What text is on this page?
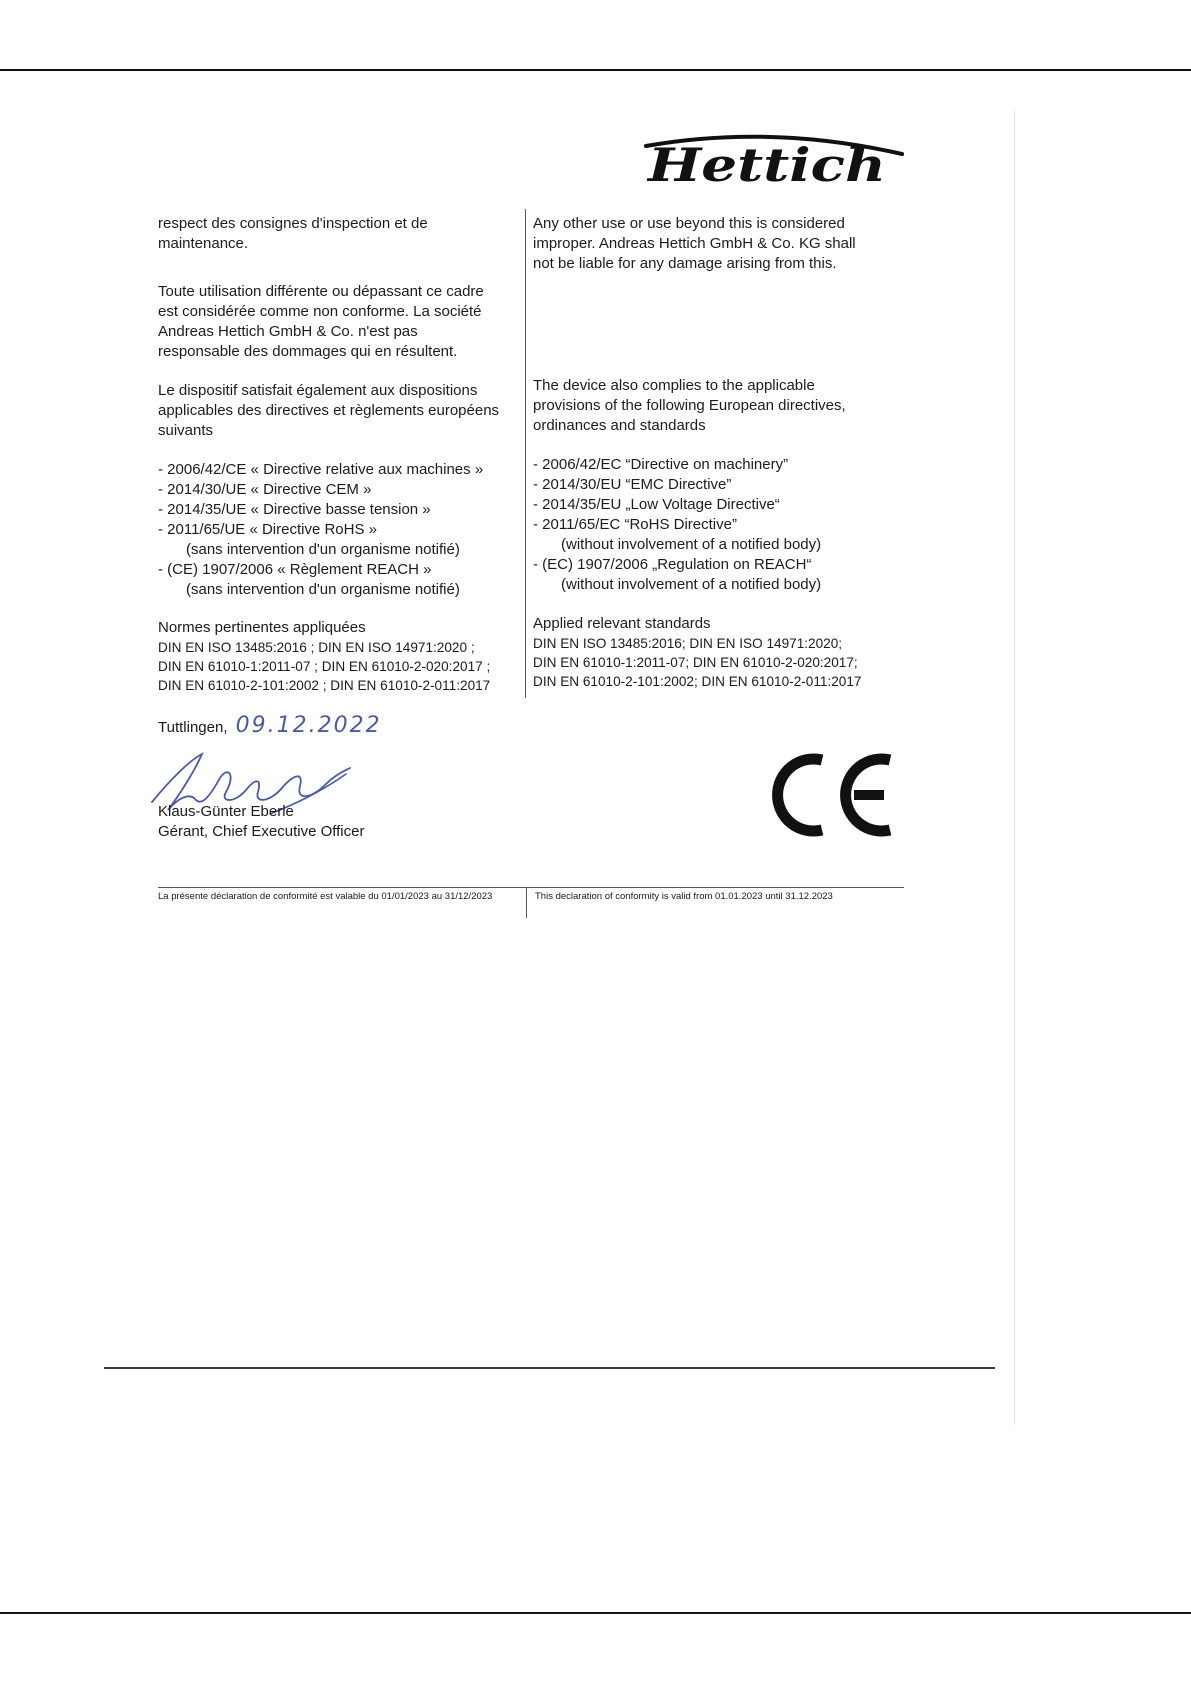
Hettich

respect des consignes d'inspection et de

maintenance.

Toute utilisation différente ou dépassant ce cadre

est considérée comme non conforme. La société

Andreas Hettich GmbH & Co. n'est pas

responsable des dommages qui en résultent.

Le dispositif satisfait également aux dispositions

applicables des directives et règlements européens

suivants

- 2006/42/CE « Directive relative aux machines »

- 2014/30/UE « Directive CEM »

- 2014/35/UE « Directive basse tension »

- 2011/65/UE « Directive RoHS »

(sans intervention d'un organisme notifié)

- (CE) 1907/2006 « Règlement REACH »

(sans intervention d'un organisme notifié)

Normes pertinentes appliquées

DIN EN ISO 13485:2016 ; DIN EN ISO 14971:2020 ;

DIN EN 61010-1:2011-07 ; DIN EN 61010-2-020:2017 ;

DIN EN 61010-2-101:2002 ; DIN EN 61010-2-011:2017

Any other use or use beyond this is considered

improper. Andreas Hettich GmbH & Co. KG shall

not be liable for any damage arising from this.

The device also complies to the applicable

provisions of the following European directives,

ordinances and standards

- 2006/42/EC “Directive on machinery”

- 2014/30/EU “EMC Directive”

- 2014/35/EU „Low Voltage Directive“

- 2011/65/EC “RoHS Directive”

(without involvement of a notified body)

- (EC) 1907/2006 „Regulation on REACH“

(without involvement of a notified body)

Applied relevant standards

DIN EN ISO 13485:2016; DIN EN ISO 14971:2020;

DIN EN 61010-1:2011-07; DIN EN 61010-2-020:2017;

DIN EN 61010-2-101:2002; DIN EN 61010-2-011:2017

Tuttlingen, 09.12.2022
Klaus-Günter Eberle
Gérant, Chief Executive Officer
La présente déclaration de conformité est valable du 01/01/2023 au 31/12/2023	This declaration of conformity is valid from 01.01.2023 until 31.12.2023
